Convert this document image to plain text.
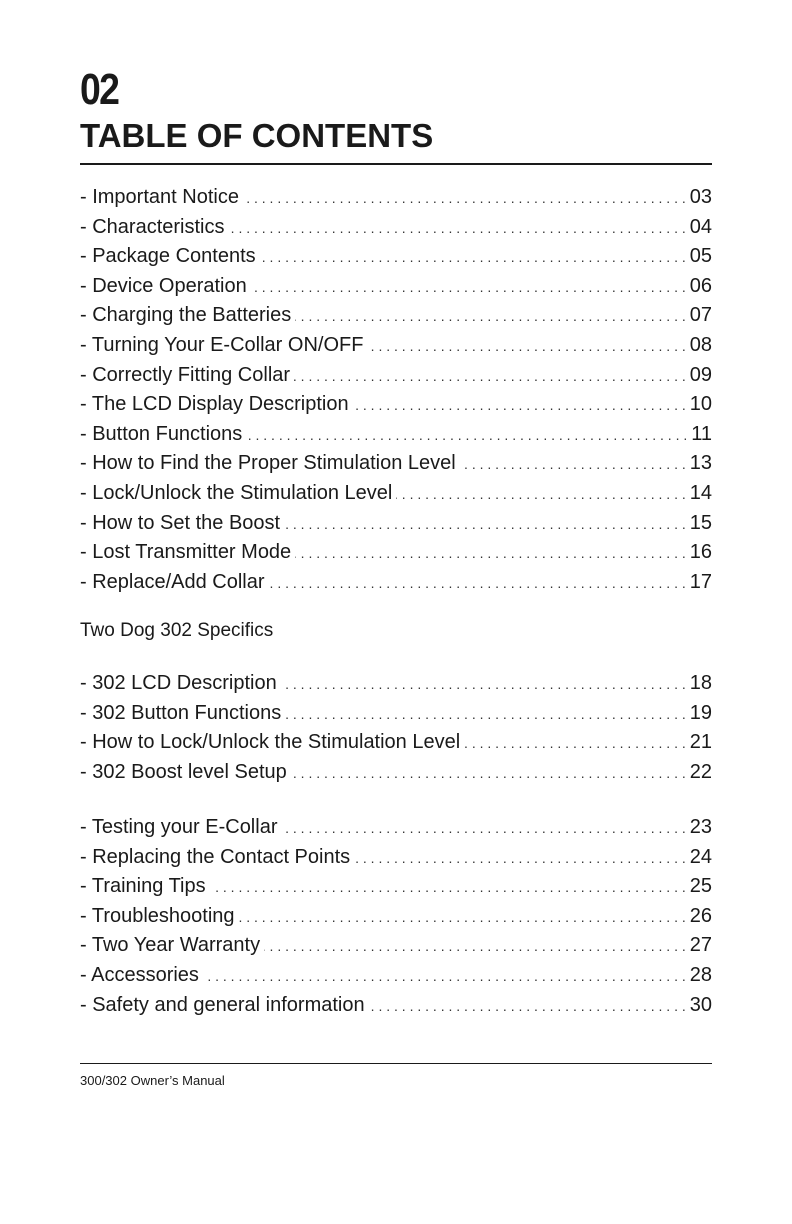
02
TABLE OF CONTENTS
- Important Notice . . .	03
- Characteristics . . .	04
- Package Contents . . .	05
- Device Operation . . .	06
- Charging the Batteries . . .	07
- Turning Your E-Collar ON/OFF . . .	08
- Correctly Fitting Collar . . .	09
- The LCD Display Description . . .	10
- Button Functions . . .	11
- How to Find the Proper Stimulation Level . . .	13
- Lock/Unlock the Stimulation Level . . .	14
- How to Set the Boost . . .	15
- Lost Transmitter Mode . . .	16
- Replace/Add Collar . . .	17
Two Dog 302 Specifics
- 302 LCD Description . . .	18
- 302 Button Functions . . .	19
- How to Lock/Unlock the Stimulation Level . . .	21
- 302 Boost level Setup . . .	22
- Testing your E-Collar . . .	23
- Replacing the Contact Points . . .	24
- Training Tips . . .	25
- Troubleshooting . . .	26
- Two Year Warranty . . .	27
- Accessories . . .	28
- Safety and general information . . .	30
300/302 Owner’s Manual
